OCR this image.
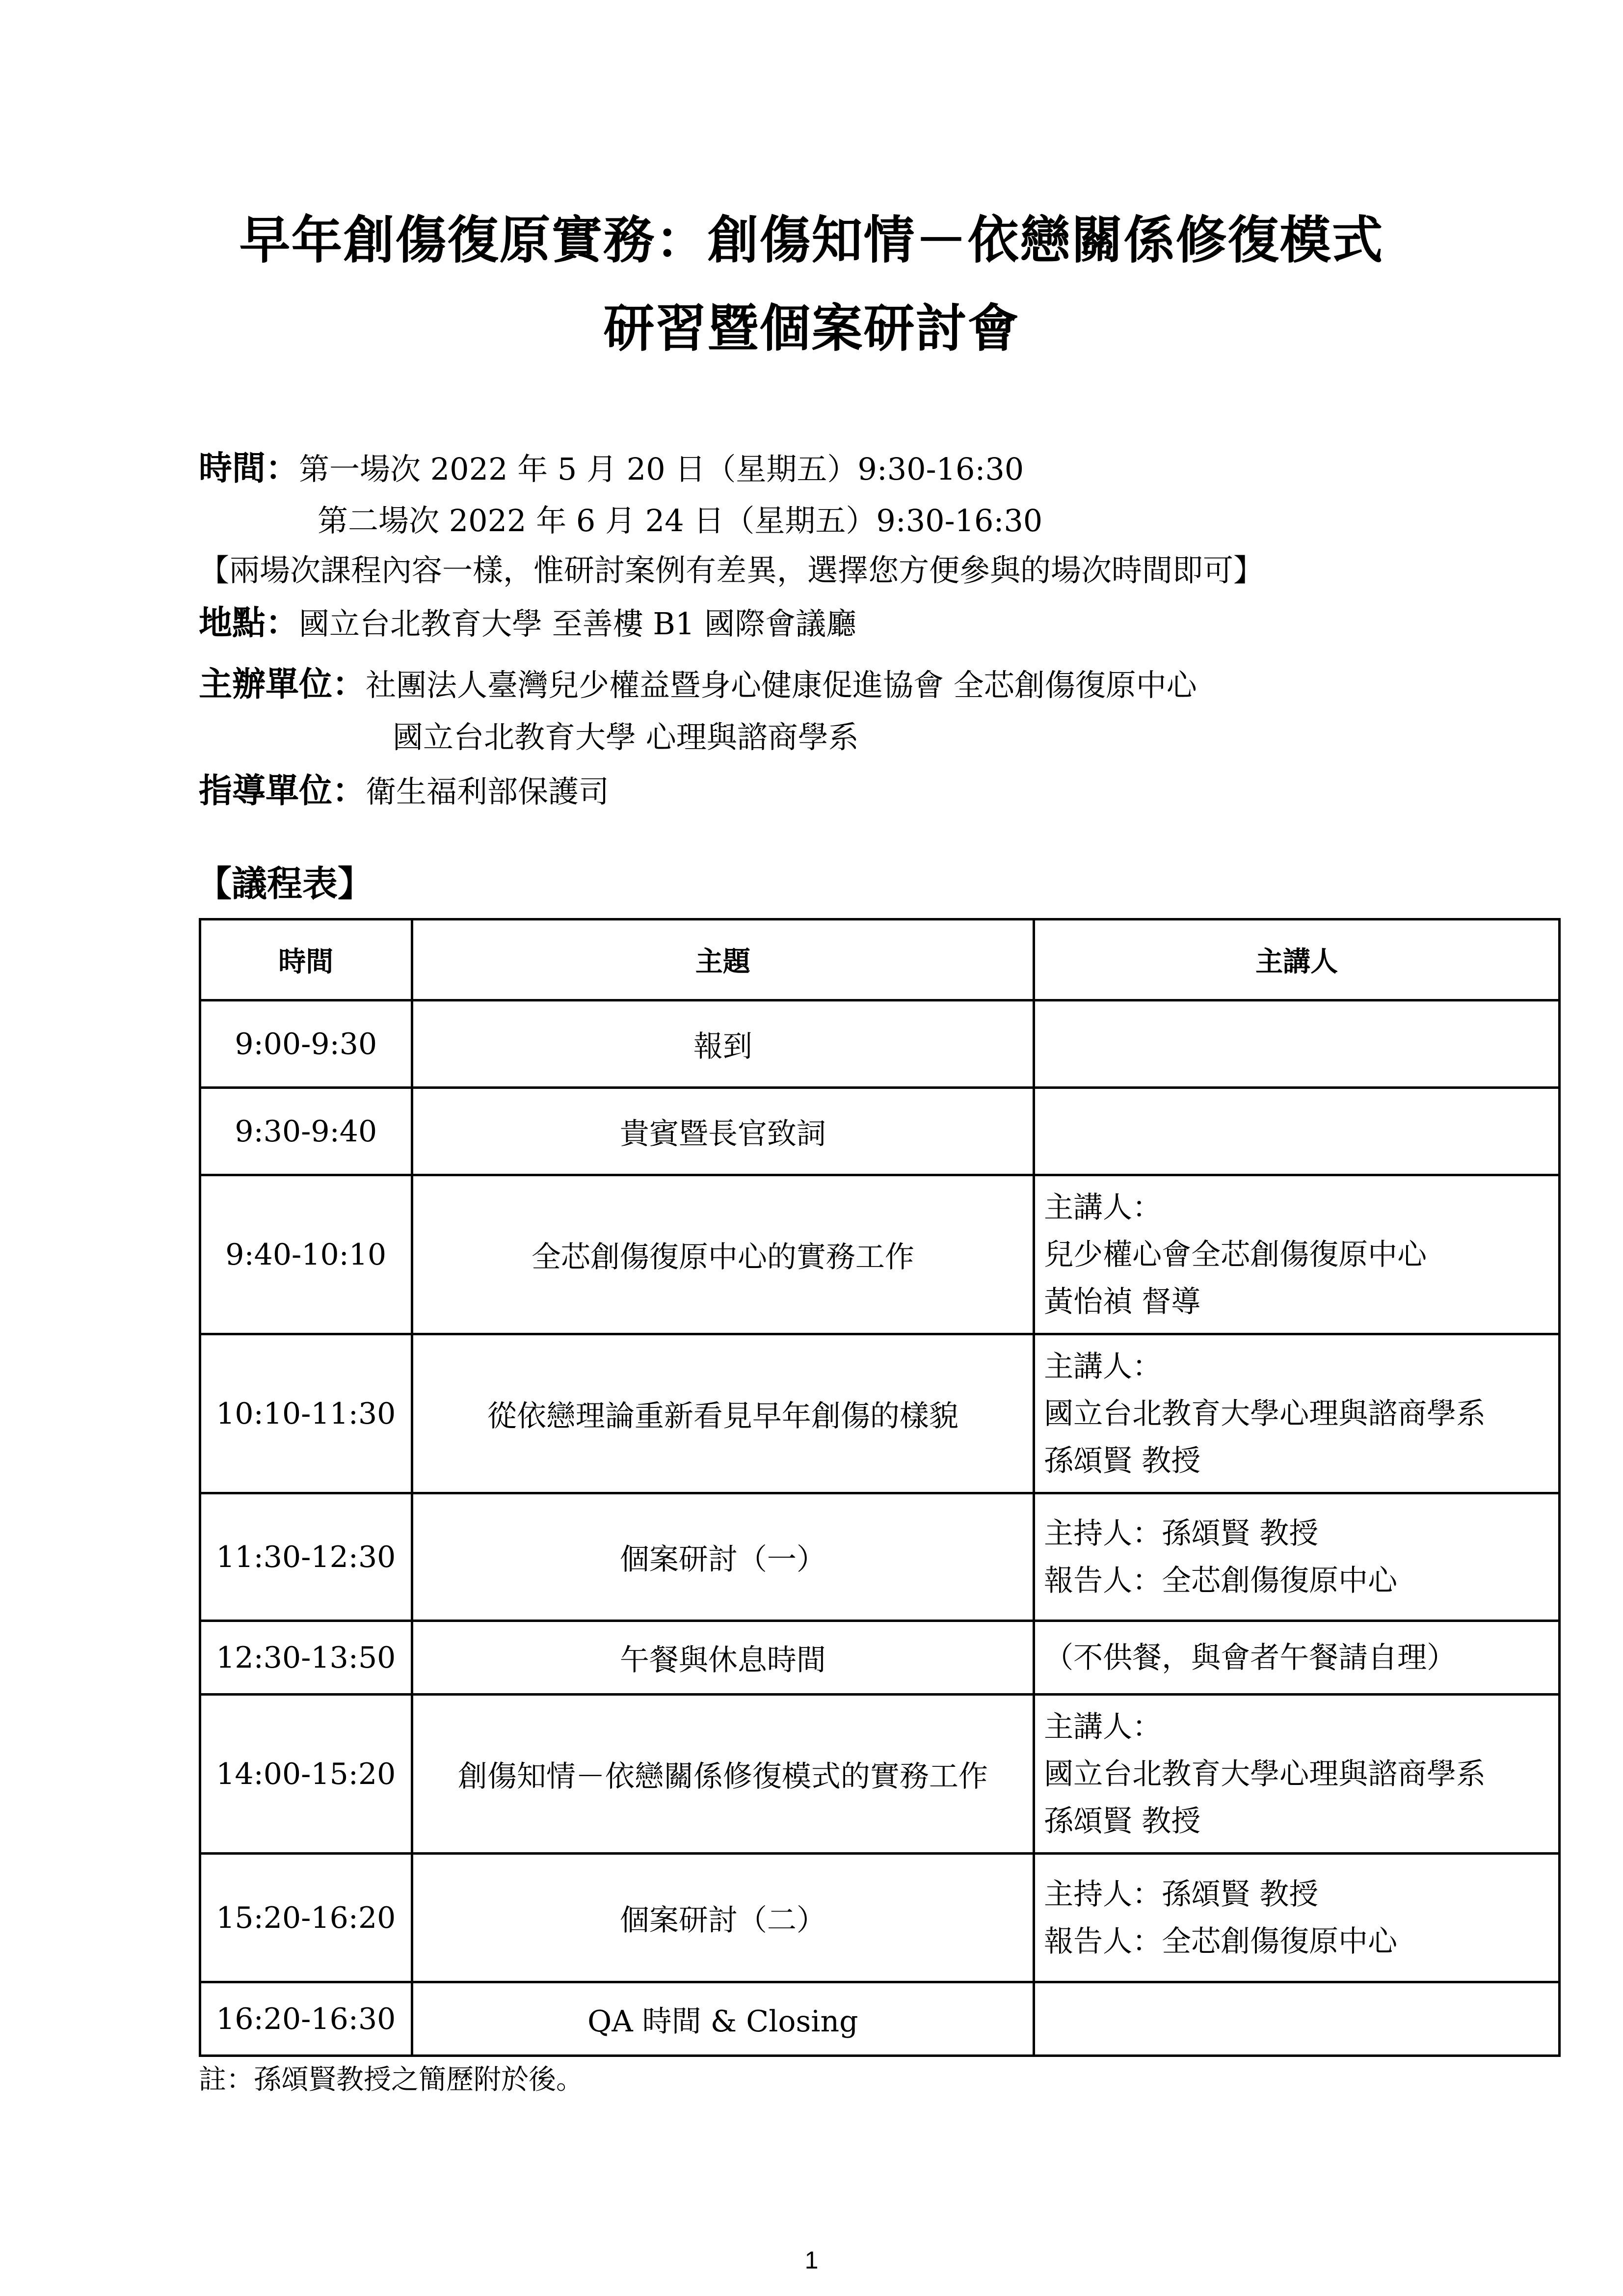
早年創傷復原實務：創傷知情－依戀關係修復模式
研習暨個案研討會
時間：第一場次 2022 年 5 月 20 日（星期五）9:30-16:30
第二場次 2022 年 6 月 24 日（星期五）9:30-16:30
【兩場次課程內容一樣，惟研討案例有差異，選擇您方便參與的場次時間即可】
地點：國立台北教育大學 至善樓 B1 國際會議廳
主辦單位：社團法人臺灣兒少權益暨身心健康促進協會 全芯創傷復原中心
國立台北教育大學 心理與諮商學系
指導單位：衛生福利部保護司
【議程表】
時間	主題	主講人
9:00-9:30	報到	
9:30-9:40	貴賓暨長官致詞	
9:40-10:10	全芯創傷復原中心的實務工作	主講人：
兒少權心會全芯創傷復原中心
黃怡禎 督導

10:10-11:30	從依戀理論重新看見早年創傷的樣貌	主講人：
國立台北教育大學心理與諮商學系
孫頌賢 教授

11:30-12:30	個案研討（一）	主持人：孫頌賢 教授
報告人：全芯創傷復原中心

12:30-13:50	午餐與休息時間	（不供餐，與會者午餐請自理）
14:00-15:20	創傷知情－依戀關係修復模式的實務工作	主講人：
國立台北教育大學心理與諮商學系
孫頌賢 教授

15:20-16:20	個案研討（二）	主持人：孫頌賢 教授
報告人：全芯創傷復原中心

16:20-16:30	QA 時間 & Closing	
註：孫頌賢教授之簡歷附於後。
1
